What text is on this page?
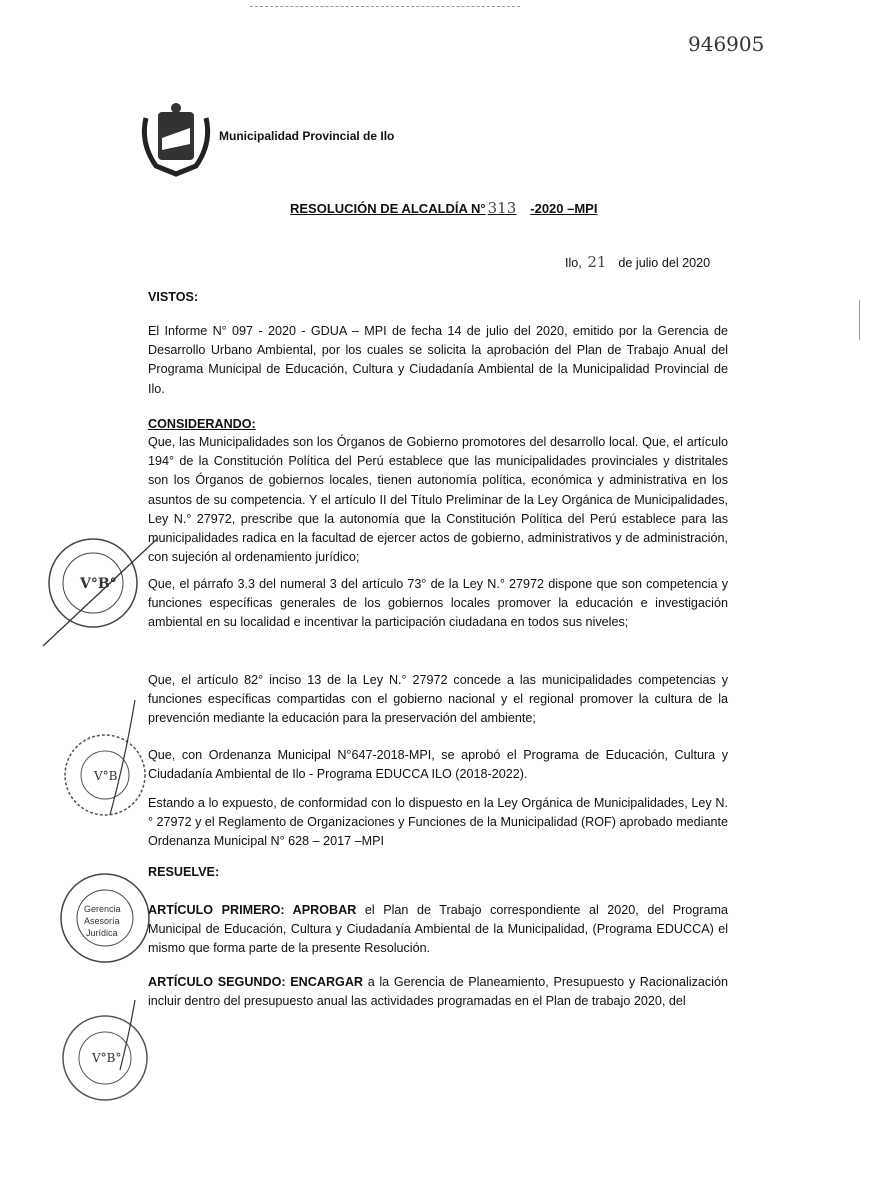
946905
Municipalidad Provincial de Ilo
RESOLUCIÓN DE ALCALDÍA N° 313 -2020 –MPI
Ilo, 21 de julio del 2020
VISTOS:
El Informe N° 097 - 2020 - GDUA – MPI de fecha 14 de julio del 2020, emitido por la Gerencia de Desarrollo Urbano Ambiental, por los cuales se solicita la aprobación del Plan de Trabajo Anual del Programa Municipal de Educación, Cultura y Ciudadanía Ambiental de la Municipalidad Provincial de Ilo.
CONSIDERANDO:
Que, las Municipalidades son los Órganos de Gobierno promotores del desarrollo local. Que, el artículo 194° de la Constitución Política del Perú establece que las municipalidades provinciales y distritales son los Órganos de gobiernos locales, tienen autonomía política, económica y administrativa en los asuntos de su competencia. Y el artículo II del Título Preliminar de la Ley Orgánica de Municipalidades, Ley N.° 27972, prescribe que la autonomía que la Constitución Política del Perú establece para las municipalidades radica en la facultad de ejercer actos de gobierno, administrativos y de administración, con sujeción al ordenamiento jurídico;
Que, el párrafo 3.3 del numeral 3 del artículo 73° de la Ley N.° 27972 dispone que son competencia y funciones específicas generales de los gobiernos locales promover la educación e investigación ambiental en su localidad e incentivar la participación ciudadana en todos sus niveles;
Que, el artículo 82° inciso 13 de la Ley N.° 27972 concede a las municipalidades competencias y funciones específicas compartidas con el gobierno nacional y el regional promover la cultura de la prevención mediante la educación para la preservación del ambiente;
Que, con Ordenanza Municipal N°647-2018-MPI, se aprobó el Programa de Educación, Cultura y Ciudadanía Ambiental de Ilo - Programa EDUCCA ILO (2018-2022).
Estando a lo expuesto, de conformidad con lo dispuesto en la Ley Orgánica de Municipalidades, Ley N.° 27972 y el Reglamento de Organizaciones y Funciones de la Municipalidad (ROF) aprobado mediante Ordenanza Municipal N° 628 – 2017 –MPI
RESUELVE:
ARTÍCULO PRIMERO: APROBAR el Plan de Trabajo correspondiente al 2020, del Programa Municipal de Educación, Cultura y Ciudadanía Ambiental de la Municipalidad, (Programa EDUCCA) el mismo que forma parte de la presente Resolución.
ARTÍCULO SEGUNDO: ENCARGAR a la Gerencia de Planeamiento, Presupuesto y Racionalización incluir dentro del presupuesto anual las actividades programadas en el Plan de trabajo 2020, del
V°B°
V°B
Gerencia
Asesoría
Jurídica
V°B°
